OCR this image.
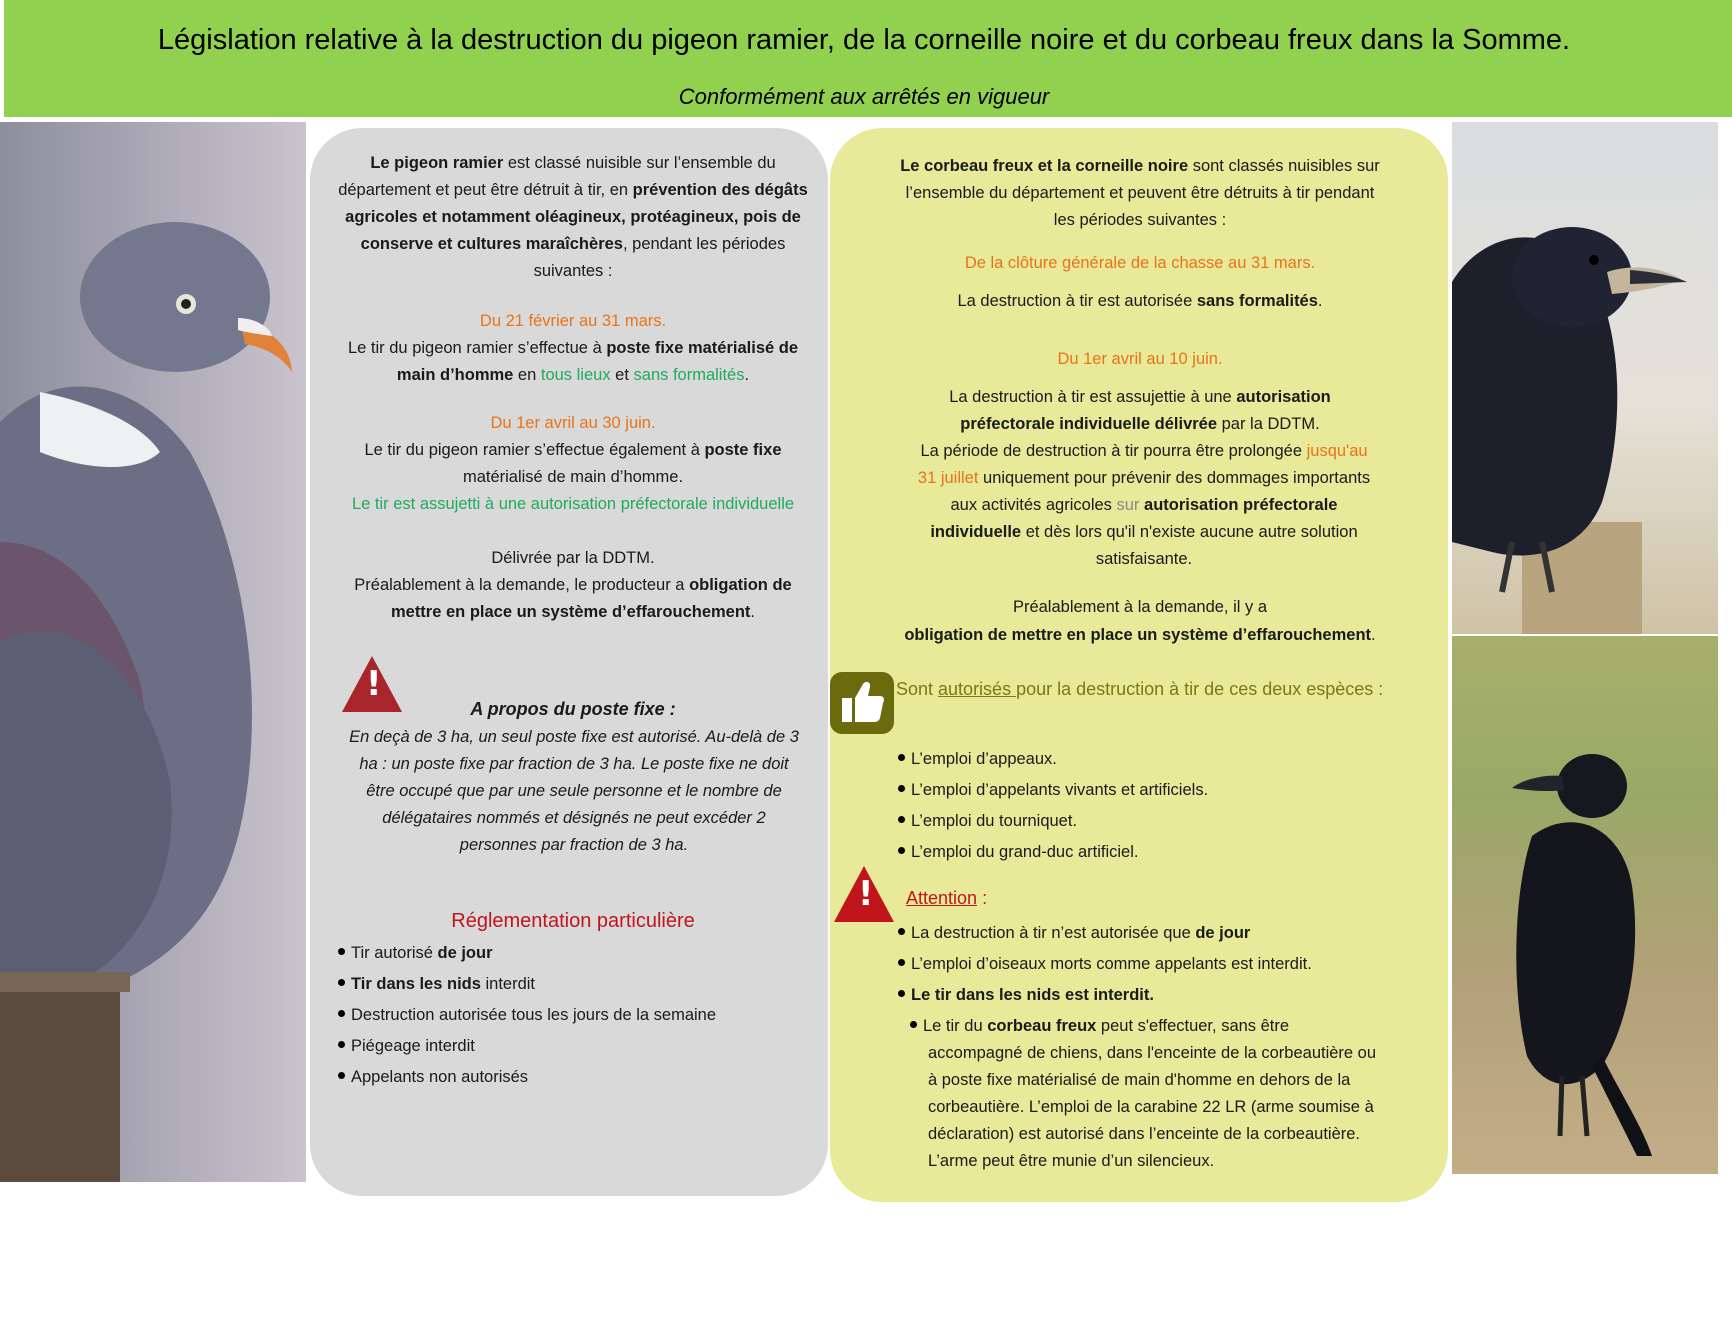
Législation relative à la destruction du pigeon ramier, de la corneille noire et du corbeau freux dans la Somme.
Conformément aux arrêtés en vigueur
Photo :
D.GEST
Le pigeon ramier est classé nuisible sur l’ensemble du département et peut être détruit à tir, en prévention des dégâts agricoles et notamment oléagineux, protéagineux, pois de conserve et cultures maraîchères, pendant les périodes suivantes :
Du 21 février au 31 mars.
Le tir du pigeon ramier s’effectue à poste fixe matérialisé de main d’homme en tous lieux et sans formalités.
Du 1er avril au 30 juin.
Le tir du pigeon ramier s’effectue également à poste fixe matérialisé de main d’homme.
Le tir est assujetti à une autorisation préfectorale individuelle
Délivrée par la DDTM.
Préalablement à la demande, le producteur a obligation de mettre en place un système d’effarouchement.
!
A propos du poste fixe :
En deçà de 3 ha, un seul poste fixe est autorisé. Au-delà de 3 ha : un poste fixe par fraction de 3 ha. Le poste fixe ne doit être occupé que par une seule personne et le nombre de délégataires nommés et désignés ne peut excéder 2 personnes par fraction de 3 ha.
Réglementation particulière
Tir autorisé de jour
Tir dans les nids interdit
Destruction autorisée tous les jours de la semaine
Piégeage interdit
Appelants non autorisés
Le corbeau freux et la corneille noire sont classés nuisibles sur l’ensemble du département et peuvent être détruits à tir pendant les périodes suivantes :
De la clôture générale de la chasse au 31 mars.
La destruction à tir est autorisée sans formalités.
Du 1er avril au 10 juin.
La destruction à tir est assujettie à une autorisation préfectorale individuelle délivrée par la DDTM.
La période de destruction à tir pourra être prolongée jusqu'au 31 juillet uniquement pour prévenir des dommages importants aux activités agricoles sur autorisation préfectorale individuelle et dès lors qu'il n'existe aucune autre solution satisfaisante.
Préalablement à la demande, il y a
obligation de mettre en place un système d’effarouchement.
Sont autorisés pour la destruction à tir de ces deux espèces :
L’emploi d’appeaux.
L’emploi d’appelants vivants et artificiels.
L’emploi du tourniquet.
L’emploi du grand-duc artificiel.
! Attention :
La destruction à tir n’est autorisée que de jour
L’emploi d’oiseaux morts comme appelants est interdit.
Le tir dans les nids est interdit.
Le tir du corbeau freux peut s'effectuer, sans être accompagné de chiens, dans l'enceinte de la corbeautière ou à poste fixe matérialisé de main d'homme en dehors de la corbeautière. L’emploi de la carabine 22 LR (arme soumise à déclaration) est autorisé dans l’enceinte de la corbeautière. L’arme peut être munie d’un silencieux.
